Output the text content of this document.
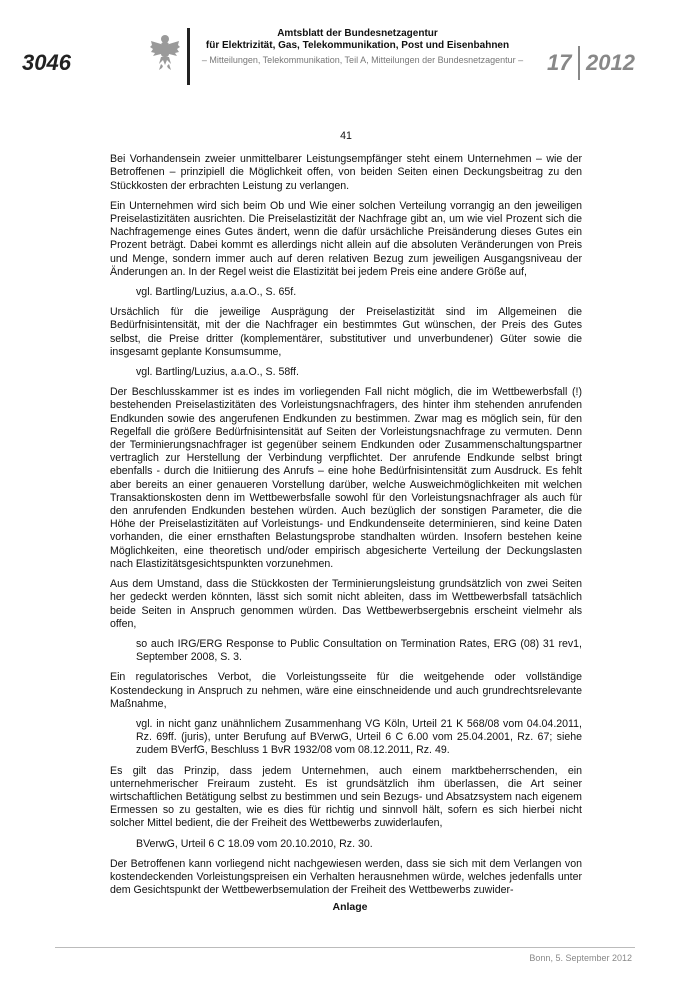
3046
Amtsblatt der Bundesnetzagentur
für Elektrizität, Gas, Telekommunikation, Post und Eisenbahnen
– Mitteilungen, Telekommunikation, Teil A, Mitteilungen der Bundesnetzagentur –	17 2012

41

Bei Vorhandensein zweier unmittelbarer Leistungsempfänger steht einem Unternehmen – wie der Betroffenen – prinzipiell die Möglichkeit offen, von beiden Seiten einen Deckungsbeitrag zu den Stückkosten der erbrachten Leistung zu verlangen.

Ein Unternehmen wird sich beim Ob und Wie einer solchen Verteilung vorrangig an den jeweiligen Preiselastizitäten ausrichten. Die Preiselastizität der Nachfrage gibt an, um wie viel Prozent sich die Nachfragemenge eines Gutes ändert, wenn die dafür ursächliche Preisänderung dieses Gutes ein Prozent beträgt. Dabei kommt es allerdings nicht allein auf die absoluten Veränderungen von Preis und Menge, sondern immer auch auf deren relativen Bezug zum jeweiligen Ausgangsniveau der Änderungen an. In der Regel weist die Elastizität bei jedem Preis eine andere Größe auf,

vgl. Bartling/Luzius, a.a.O., S. 65f.

Ursächlich für die jeweilige Ausprägung der Preiselastizität sind im Allgemeinen die Bedürfnisintensität, mit der die Nachfrager ein bestimmtes Gut wünschen, der Preis des Gutes selbst, die Preise dritter (komplementärer, substitutiver und unverbundener) Güter sowie die insgesamt geplante Konsumsumme,

vgl. Bartling/Luzius, a.a.O., S. 58ff.

Der Beschlusskammer ist es indes im vorliegenden Fall nicht möglich, die im Wettbewerbsfall (!) bestehenden Preiselastizitäten des Vorleistungsnachfragers, des hinter ihm stehenden anrufenden Endkunden sowie des angerufenen Endkunden zu bestimmen. Zwar mag es möglich sein, für den Regelfall die größere Bedürfnisintensität auf Seiten der Vorleistungsnachfrage zu vermuten. Denn der Terminierungsnachfrager ist gegenüber seinem Endkunden oder Zusammenschaltungspartner vertraglich zur Herstellung der Verbindung verpflichtet. Der anrufende Endkunde selbst bringt ebenfalls - durch die Initiierung des Anrufs – eine hohe Bedürfnisintensität zum Ausdruck. Es fehlt aber bereits an einer genaueren Vorstellung darüber, welche Ausweichmöglichkeiten mit welchen Transaktionskosten denn im Wettbewerbsfalle sowohl für den Vorleistungsnachfrager als auch für den anrufenden Endkunden bestehen würden. Auch bezüglich der sonstigen Parameter, die die Höhe der Preiselastizitäten auf Vorleistungs- und Endkundenseite determinieren, sind keine Daten vorhanden, die einer ernsthaften Belastungsprobe standhalten würden. Insofern bestehen keine Möglichkeiten, eine theoretisch und/oder empirisch abgesicherte Verteilung der Deckungslasten nach Elastizitätsgesichtspunkten vorzunehmen.

Aus dem Umstand, dass die Stückkosten der Terminierungsleistung grundsätzlich von zwei Seiten her gedeckt werden könnten, lässt sich somit nicht ableiten, dass im Wettbewerbsfall tatsächlich beide Seiten in Anspruch genommen würden. Das Wettbewerbsergebnis erscheint vielmehr als offen,

so auch IRG/ERG Response to Public Consultation on Termination Rates, ERG (08) 31 rev1, September 2008, S. 3.

Ein regulatorisches Verbot, die Vorleistungsseite für die weitgehende oder vollständige Kostendeckung in Anspruch zu nehmen, wäre eine einschneidende und auch grundrechtsrelevante Maßnahme,

vgl. in nicht ganz unähnlichem Zusammenhang VG Köln, Urteil 21 K 568/08 vom 04.04.2011, Rz. 69ff. (juris), unter Berufung auf BVerwG, Urteil 6 C 6.00 vom 25.04.2001, Rz. 67; siehe zudem BVerfG, Beschluss 1 BvR 1932/08 vom 08.12.2011, Rz. 49.

Es gilt das Prinzip, dass jedem Unternehmen, auch einem marktbeherrschenden, ein unternehmerischer Freiraum zusteht. Es ist grundsätzlich ihm überlassen, die Art seiner wirtschaftlichen Betätigung selbst zu bestimmen und sein Bezugs- und Absatzsystem nach eigenem Ermessen so zu gestalten, wie es dies für richtig und sinnvoll hält, sofern es sich hierbei nicht solcher Mittel bedient, die der Freiheit des Wettbewerbs zuwiderlaufen,

BVerwG, Urteil 6 C 18.09 vom 20.10.2010, Rz. 30.

Der Betroffenen kann vorliegend nicht nachgewiesen werden, dass sie sich mit dem Verlangen von kostendeckenden Vorleistungspreisen ein Verhalten herausnehmen würde, welches jedenfalls unter dem Gesichtspunkt der Wettbewerbsemulation der Freiheit des Wettbewerbs zuwider-

Anlage
Bonn, 5. September 2012
